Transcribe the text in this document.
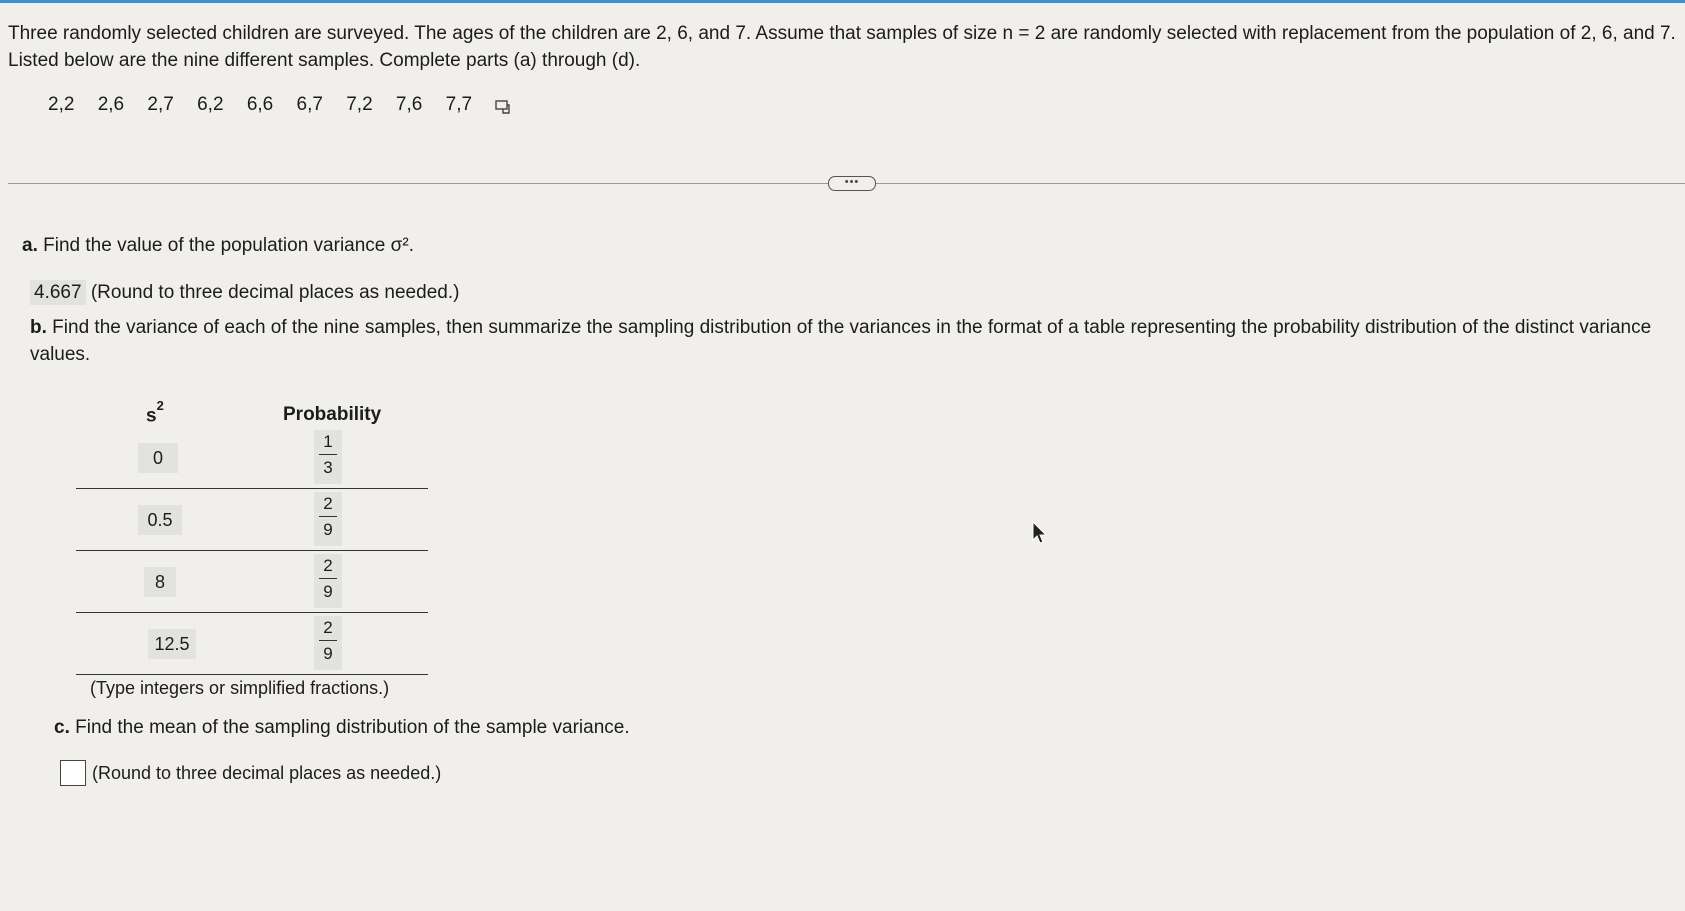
Three randomly selected children are surveyed. The ages of the children are 2, 6, and 7. Assume that samples of size n = 2 are randomly selected with replacement from the population of 2, 6, and 7. Listed below are the nine different samples. Complete parts (a) through (d).
2,2 2,6 2,7 6,2 6,6 6,7 7,2 7,6 7,7
•••
a. Find the value of the population variance σ².
4.667 (Round to three decimal places as needed.)
b. Find the variance of each of the nine samples, then summarize the sampling distribution of the variances in the format of a table representing the probability distribution of the distinct variance values.
$s^2$	Probability
0	$\frac{1}{3}$
0.5	$\frac{2}{9}$
8	$\frac{2}{9}$
12.5	$\frac{2}{9}$
(Type integers or simplified fractions.)
c. Find the mean of the sampling distribution of the sample variance.
(Round to three decimal places as needed.)
